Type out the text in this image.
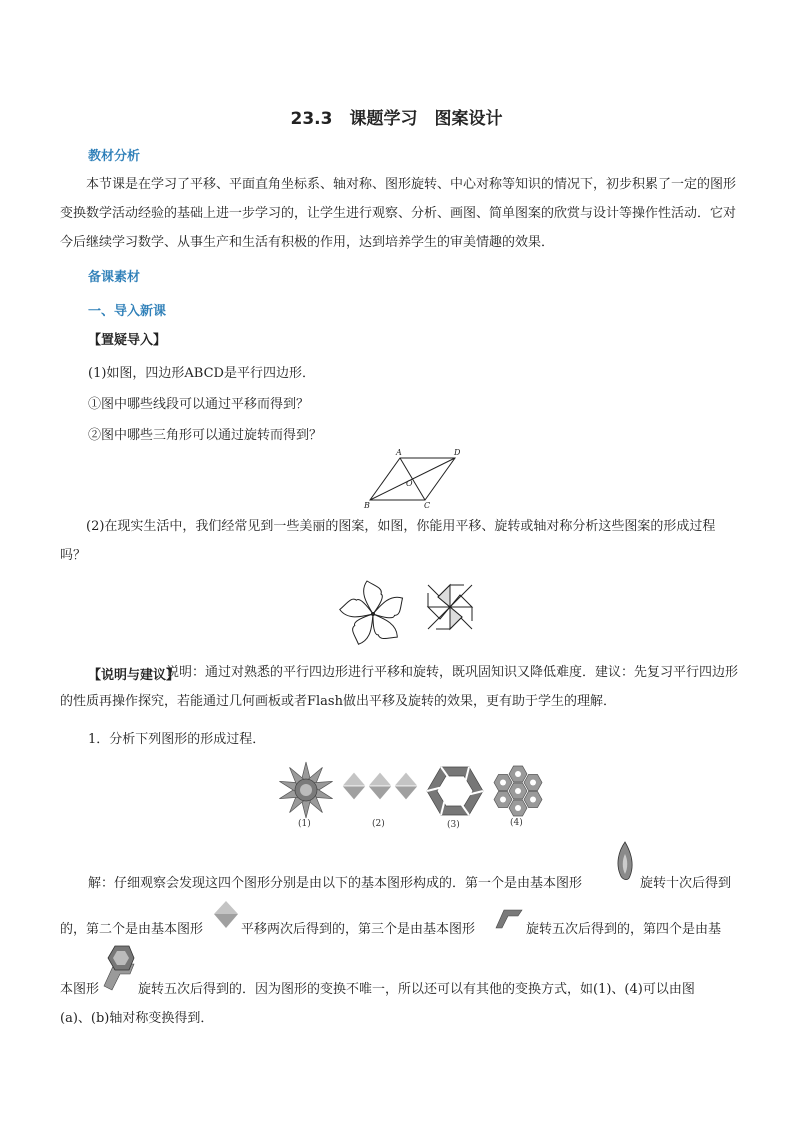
23.3　课题学习　图案设计
教材分析
本节课是在学习了平移、平面直角坐标系、轴对称、图形旋转、中心对称等知识的情况下，初步积累了一定的图形变换数学活动经验的基础上进一步学习的，让学生进行观察、分析、画图、简单图案的欣赏与设计等操作性活动．它对今后继续学习数学、从事生产和生活有积极的作用，达到培养学生的审美情趣的效果．
备课素材
一、导入新课
【置疑导入】
(1)如图，四边形ABCD是平行四边形．
①图中哪些线段可以通过平移而得到？
②图中哪些三角形可以通过旋转而得到？
A	D
O
B	C
(2)在现实生活中，我们经常见到一些美丽的图案，如图，你能用平移、旋转或轴对称分析这些图案的形成过程吗？
【说明与建议】
说明：通过对熟悉的平行四边形进行平移和旋转，既巩固知识又降低难度．建议：先复习平行四边形的性质再操作探究，若能通过几何画板或者Flash做出平移及旋转的效果，更有助于学生的理解．
1．分析下列图形的形成过程．
(1)	(2)	(3)	(4)
解：仔细观察会发现这四个图形分别是由以下的基本图形构成的．第一个是由基本图形	旋转十次后得到
的，第二个是由基本图形	平移两次后得到的，第三个是由基本图形	旋转五次后得到的，第四个是由基
本图形	旋转五次后得到的．因为图形的变换不唯一，所以还可以有其他的变换方式，如(1)、(4)可以由图
(a)、(b)轴对称变换得到．
